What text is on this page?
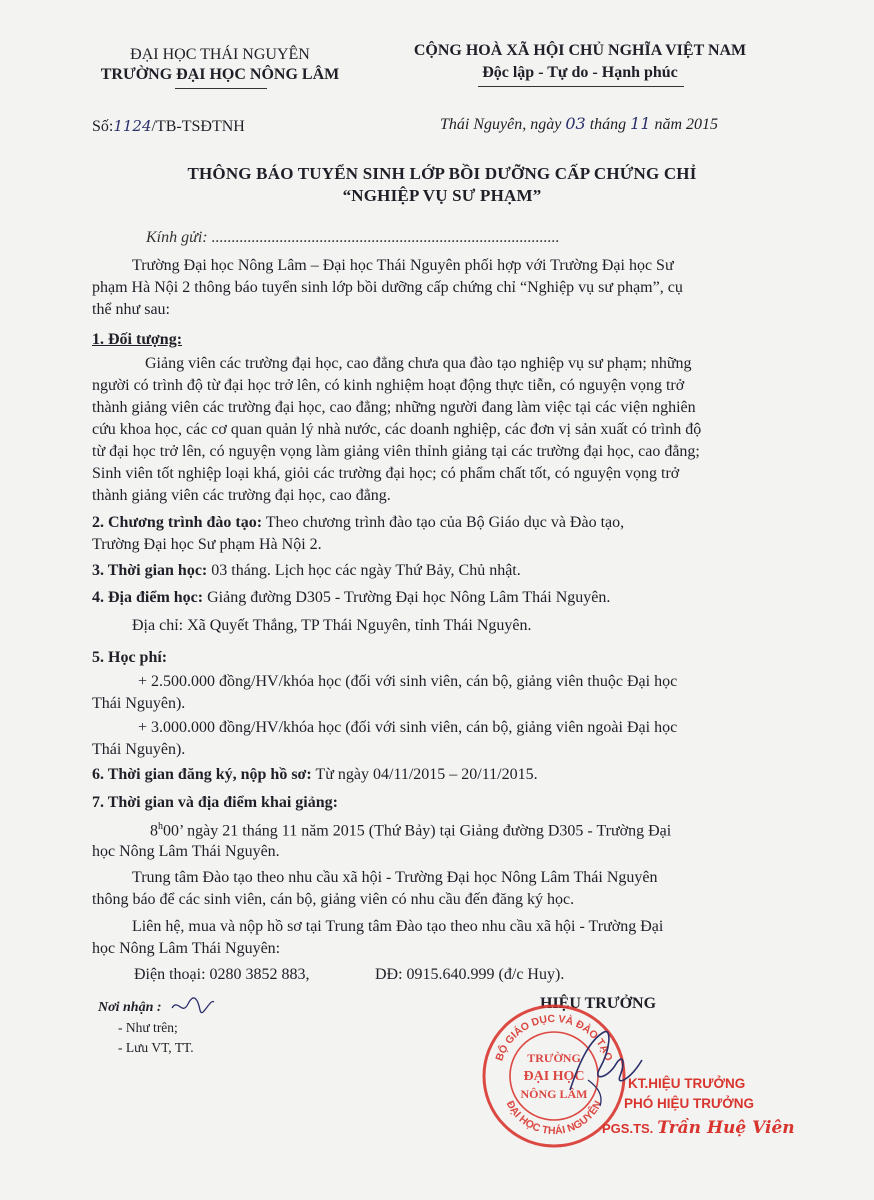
ĐẠI HỌC THÁI NGUYÊN
TRƯỜNG ĐẠI HỌC NÔNG LÂM
CỘNG HOÀ XÃ HỘI CHỦ NGHĨA VIỆT NAM
Độc lập - Tự do - Hạnh phúc
Số:1124/TB-TSĐTNH	Thái Nguyên, ngày 03 tháng 11 năm 2015
THÔNG BÁO TUYỂN SINH LỚP BỒI DƯỠNG CẤP CHỨNG CHỈ
“NGHIỆP VỤ SƯ PHẠM”
Kính gửi: .......................................................................................
Trường Đại học Nông Lâm – Đại học Thái Nguyên phối hợp với Trường Đại học Sư
phạm Hà Nội 2 thông báo tuyển sinh lớp bồi dưỡng cấp chứng chỉ “Nghiệp vụ sư phạm”, cụ
thể như sau:
1. Đối tượng:
Giảng viên các trường đại học, cao đẳng chưa qua đào tạo nghiệp vụ sư phạm; những
người có trình độ từ đại học trở lên, có kinh nghiệm hoạt động thực tiễn, có nguyện vọng trở
thành giảng viên các trường đại học, cao đẳng; những người đang làm việc tại các viện nghiên
cứu khoa học, các cơ quan quản lý nhà nước, các doanh nghiệp, các đơn vị sản xuất có trình độ
từ đại học trở lên, có nguyện vọng làm giảng viên thỉnh giảng tại các trường đại học, cao đẳng;
Sinh viên tốt nghiệp loại khá, giỏi các trường đại học; có phẩm chất tốt, có nguyện vọng trở
thành giảng viên các trường đại học, cao đẳng.
2. Chương trình đào tạo: Theo chương trình đào tạo của Bộ Giáo dục và Đào tạo,
Trường Đại học Sư phạm Hà Nội 2.
3. Thời gian học: 03 tháng. Lịch học các ngày Thứ Bảy, Chủ nhật.
4. Địa điểm học: Giảng đường D305 - Trường Đại học Nông Lâm Thái Nguyên.
Địa chỉ: Xã Quyết Thắng, TP Thái Nguyên, tỉnh Thái Nguyên.
5. Học phí:
+ 2.500.000 đồng/HV/khóa học (đối với sinh viên, cán bộ, giảng viên thuộc Đại học
Thái Nguyên).
+ 3.000.000 đồng/HV/khóa học (đối với sinh viên, cán bộ, giảng viên ngoài Đại học
Thái Nguyên).
6. Thời gian đăng ký, nộp hồ sơ: Từ ngày 04/11/2015 – 20/11/2015.
7. Thời gian và địa điểm khai giảng:
8$^h$00’ ngày 21 tháng 11 năm 2015 (Thứ Bảy) tại Giảng đường D305 - Trường Đại
học Nông Lâm Thái Nguyên.
Trung tâm Đào tạo theo nhu cầu xã hội - Trường Đại học Nông Lâm Thái Nguyên
thông báo để các sinh viên, cán bộ, giảng viên có nhu cầu đến đăng ký học.
Liên hệ, mua và nộp hồ sơ tại Trung tâm Đào tạo theo nhu cầu xã hội - Trường Đại
học Nông Lâm Thái Nguyên:
Điện thoại: 0280 3852 883,	DĐ: 0915.640.999 (đ/c Huy).
Nơi nhận :
- Như trên;
- Lưu VT, TT.
HIỆU TRƯỞNG
BỘ GIÁO DỤC VÀ ĐÀO TẠO
ĐẠI HỌC THÁI NGUYÊN
TRƯỜNG
ĐẠI HỌC
NÔNG LÂM
KT.HIỆU TRƯỞNG
PHÓ HIỆU TRƯỞNG
PGS.TS. Trần Huệ Viên
